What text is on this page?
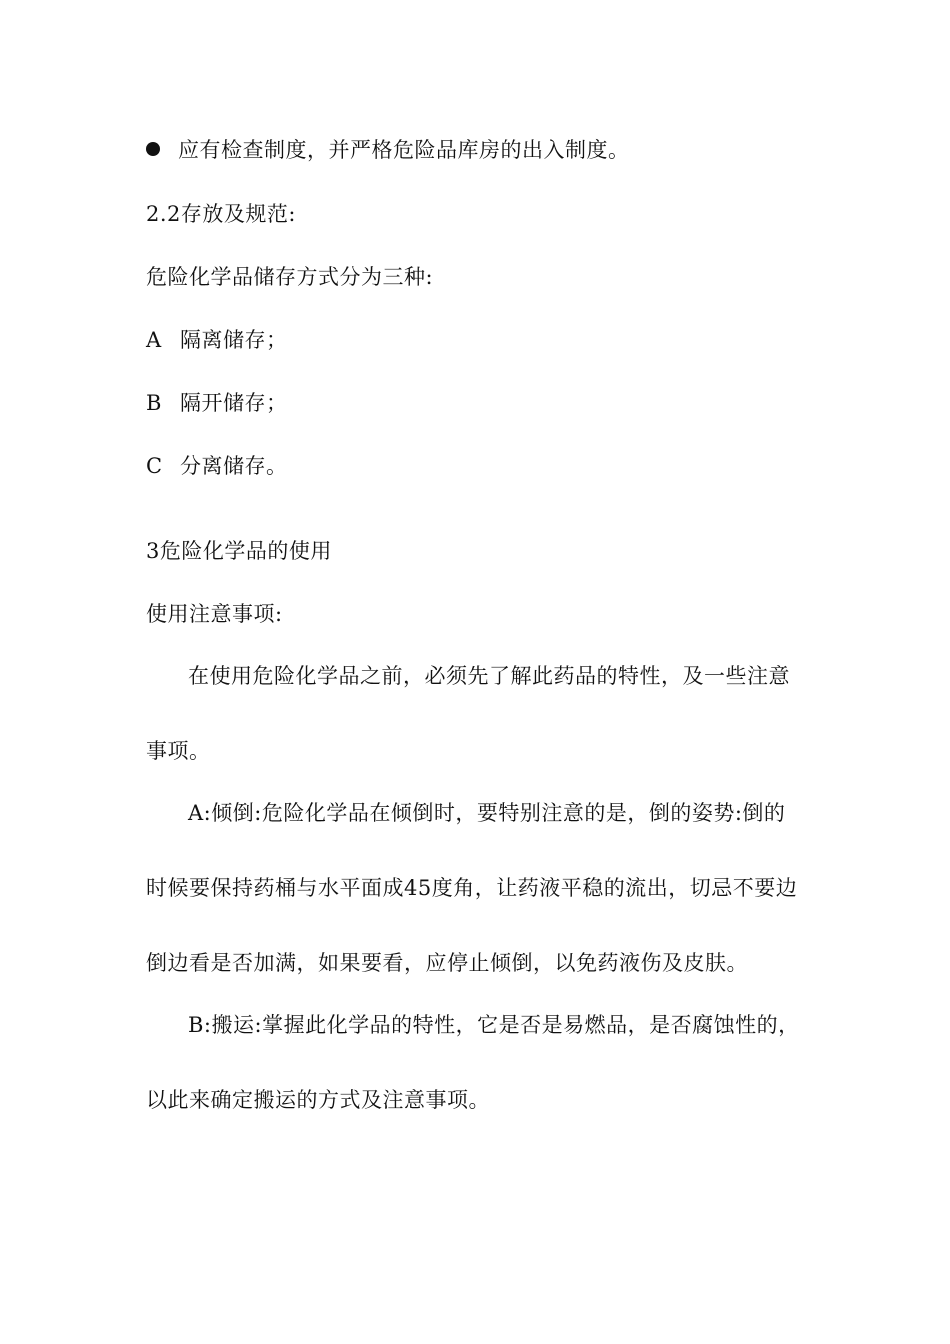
应有检查制度，并严格危险品库房的出入制度。
2.2存放及规范:
危险化学品储存方式分为三种:
A 隔离储存；
B 隔开储存；
C 分离储存。
3危险化学品的使用
使用注意事项:
在使用危险化学品之前，必须先了解此药品的特性，及一些注意
事项。
A:倾倒:危险化学品在倾倒时，要特别注意的是，倒的姿势:倒的
时候要保持药桶与水平面成45度角，让药液平稳的流出，切忌不要边
倒边看是否加满，如果要看，应停止倾倒，以免药液伤及皮肤。
B:搬运:掌握此化学品的特性，它是否是易燃品，是否腐蚀性的，
以此来确定搬运的方式及注意事项。
